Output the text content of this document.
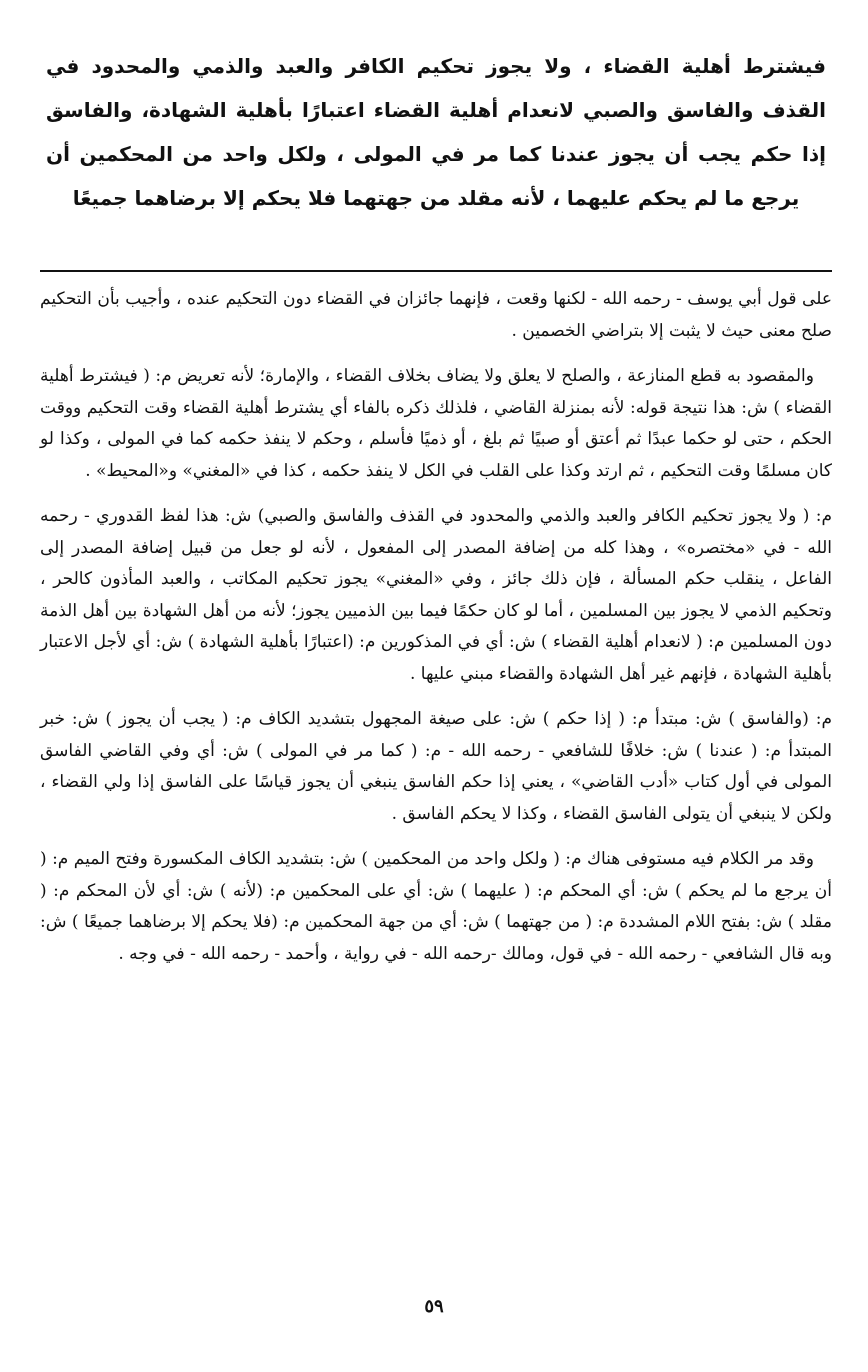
فيشترط أهلية القضاء ، ولا يجوز تحكيم الكافر والعبد والذمي والمحدود في القذف والفاسق والصبي لانعدام أهلية القضاء اعتبارًا بأهلية الشهادة، والفاسق إذا حكم يجب أن يجوز عندنا كما مر في المولى ، ولكل واحد من المحكمين أن يرجع ما لم يحكم عليهما ، لأنه مقلد من جهتهما فلا يحكم إلا برضاهما جميعًا

على قول أبي يوسف - رحمه الله - لكنها وقعت ، فإنهما جائزان في القضاء دون التحكيم عنده ، وأجيب بأن التحكيم صلح معنى حيث لا يثبت إلا بتراضي الخصمين .

والمقصود به قطع المنازعة ، والصلح لا يعلق ولا يضاف بخلاف القضاء ، والإمارة؛ لأنه تعريض م: ( فيشترط أهلية القضاء ) ش: هذا نتيجة قوله: لأنه بمنزلة القاضي ، فلذلك ذكره بالفاء أي يشترط أهلية القضاء وقت التحكيم ووقت الحكم ، حتى لو حكما عبدًا ثم أعتق أو صبيًا ثم بلغ ، أو ذميًا فأسلم ، وحكم لا ينفذ حكمه كما في المولى ، وكذا لو كان مسلمًا وقت التحكيم ، ثم ارتد وكذا على القلب في الكل لا ينفذ حكمه ، كذا في «المغني» و«المحيط» .

م: ( ولا يجوز تحكيم الكافر والعبد والذمي والمحدود في القذف والفاسق والصبي) ش: هذا لفظ القدوري - رحمه الله - في «مختصره» ، وهذا كله من إضافة المصدر إلى المفعول ، لأنه لو جعل من قبيل إضافة المصدر إلى الفاعل ، ينقلب حكم المسألة ، فإن ذلك جائز ، وفي «المغني» يجوز تحكيم المكاتب ، والعبد المأذون كالحر ، وتحكيم الذمي لا يجوز بين المسلمين ، أما لو كان حكمًا فيما بين الذميين يجوز؛ لأنه من أهل الشهادة بين أهل الذمة دون المسلمين م: ( لانعدام أهلية القضاء ) ش: أي في المذكورين م: (اعتبارًا بأهلية الشهادة ) ش: أي لأجل الاعتبار بأهلية الشهادة ، فإنهم غير أهل الشهادة والقضاء مبني عليها .

م: (والفاسق ) ش: مبتدأ م: ( إذا حكم ) ش: على صيغة المجهول بتشديد الكاف م: ( يجب أن يجوز ) ش: خبر المبتدأ م: ( عندنا ) ش: خلافًا للشافعي - رحمه الله - م: ( كما مر في المولى ) ش: أي وفي القاضي الفاسق المولى في أول كتاب «أدب القاضي» ، يعني إذا حكم الفاسق ينبغي أن يجوز قياسًا على الفاسق إذا ولي القضاء ، ولكن لا ينبغي أن يتولى الفاسق القضاء ، وكذا لا يحكم الفاسق .

وقد مر الكلام فيه مستوفى هناك م: ( ولكل واحد من المحكمين ) ش: بتشديد الكاف المكسورة وفتح الميم م: ( أن يرجع ما لم يحكم ) ش: أي المحكم م: ( عليهما ) ش: أي على المحكمين م: (لأنه ) ش: أي لأن المحكم م: ( مقلد ) ش: بفتح اللام المشددة م: ( من جهتهما ) ش: أي من جهة المحكمين م: (فلا يحكم إلا برضاهما جميعًا ) ش: وبه قال الشافعي - رحمه الله - في قول، ومالك -رحمه الله - في رواية ، وأحمد - رحمه الله - في وجه .

٥٩
